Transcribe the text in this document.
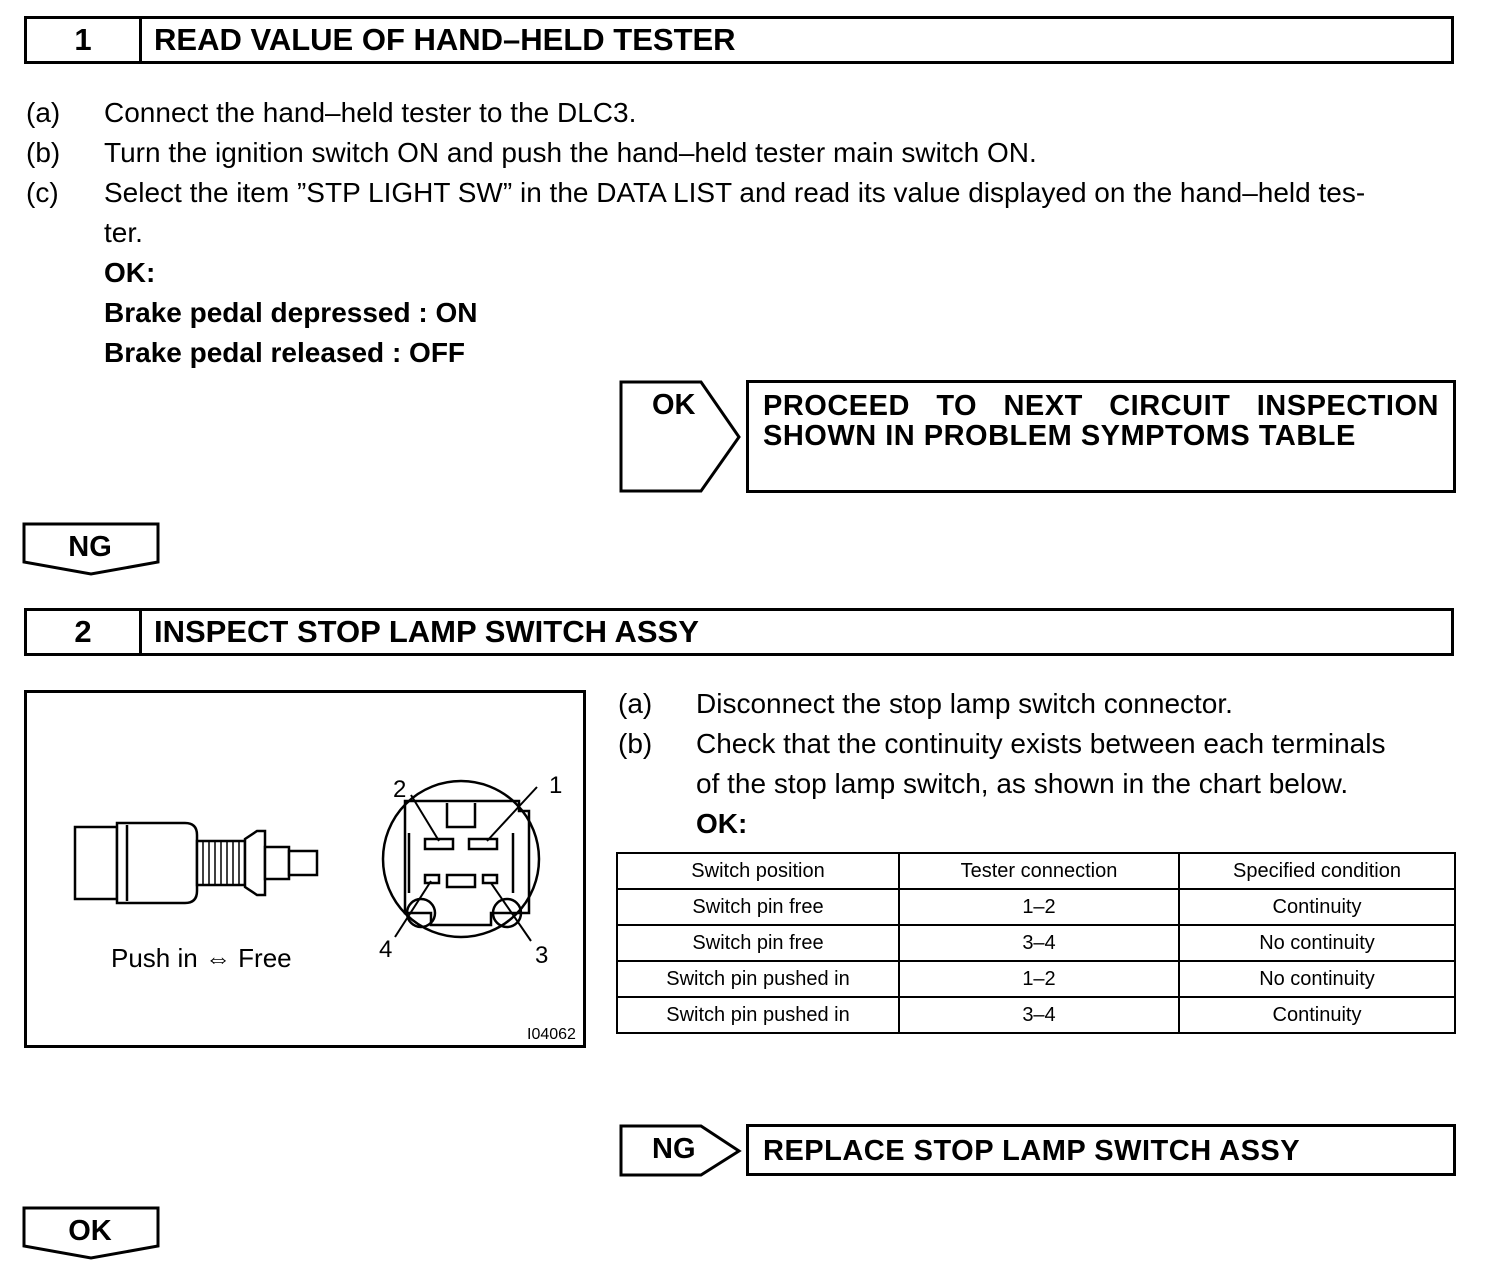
1	READ VALUE OF HAND–HELD TESTER
(a) Connect the hand–held tester to the DLC3.
(b) Turn the ignition switch ON and push the hand–held tester main switch ON.
(c) Select the item ”STP LIGHT SW” in the DATA LIST and read its value displayed on the hand–held tes-
ter.
OK:
Brake pedal depressed : ON
Brake pedal released : OFF
OK PROCEED TO NEXT CIRCUIT INSPECTION
SHOWN IN PROBLEM SYMPTOMS TABLE
NG
2	INSPECT STOP LAMP SWITCH ASSY
1
2
3
4
Push in ⇔ Free
I04062
(a) Disconnect the stop lamp switch connector.
(b) Check that the continuity exists between each terminals
of the stop lamp switch, as shown in the chart below.
OK:
Switch position	Tester connection	Specified condition
Switch pin free	1–2	Continuity
Switch pin free	3–4	No continuity
Switch pin pushed in	1–2	No continuity
Switch pin pushed in	3–4	Continuity
NG	REPLACE STOP LAMP SWITCH ASSY
OK
